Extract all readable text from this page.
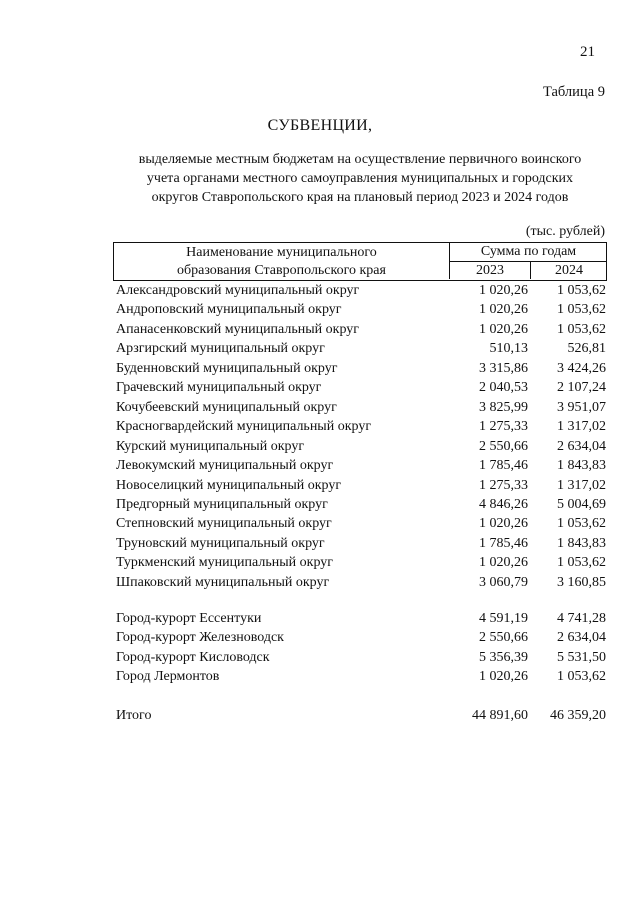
21
Таблица 9
СУБВЕНЦИИ,
выделяемые местным бюджетам на осуществление первичного воинского
учета органами местного самоуправления муниципальных и городских
округов Ставропольского края на плановый период 2023 и 2024 годов
(тыс. рублей)
Наименование муниципального
образования Ставропольского края
Сумма по годам
2023	2024
Александровский муниципальный округ	1 020,26 1 053,62
Андроповский муниципальный округ	1 020,26 1 053,62
Апанасенковский муниципальный округ	1 020,26 1 053,62
Арзгирский муниципальный округ	510,13	526,81
Буденновский муниципальный округ	3 315,86 3 424,26
Грачевский муниципальный округ	2 040,53 2 107,24
Кочубеевский муниципальный округ	3 825,99 3 951,07
Красногвардейский муниципальный округ	1 275,33 1 317,02
Курский муниципальный округ	2 550,66 2 634,04
Левокумский муниципальный округ	1 785,46 1 843,83
Новоселицкий муниципальный округ	1 275,33 1 317,02
Предгорный муниципальный округ	4 846,26 5 004,69
Степновский муниципальный округ	1 020,26 1 053,62
Труновский муниципальный округ	1 785,46 1 843,83
Туркменский муниципальный округ	1 020,26 1 053,62
Шпаковский муниципальный округ	3 060,79 3 160,85
Город-курорт Ессентуки	4 591,19 4 741,28
Город-курорт Железноводск	2 550,66 2 634,04
Город-курорт Кисловодск	5 356,39 5 531,50
Город Лермонтов	1 020,26 1 053,62
Итого	44 891,60 46 359,20
